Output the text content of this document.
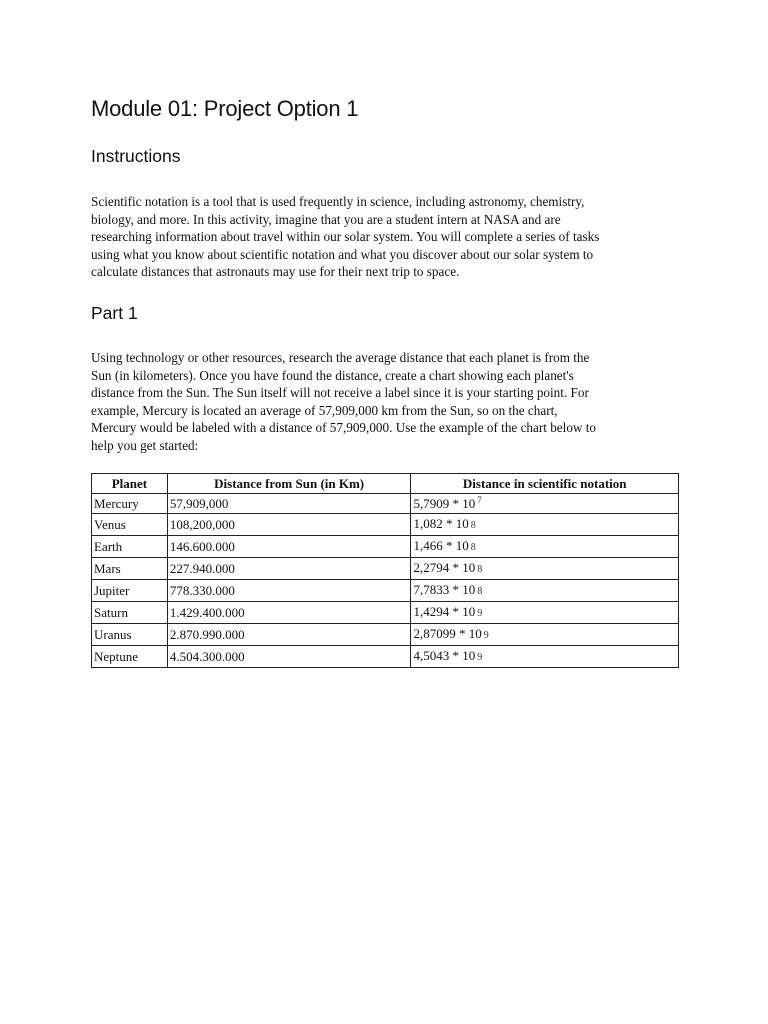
Module 01: Project Option 1
Instructions

Scientific notation is a tool that is used frequently in science, including astronomy, chemistry,
biology, and more. In this activity, imagine that you are a student intern at NASA and are
researching information about travel within our solar system. You will complete a series of tasks
using what you know about scientific notation and what you discover about our solar system to
calculate distances that astronauts may use for their next trip to space.

Part 1

Using technology or other resources, research the average distance that each planet is from the
Sun (in kilometers). Once you have found the distance, create a chart showing each planet's
distance from the Sun. The Sun itself will not receive a label since it is your starting point. For
example, Mercury is located an average of 57,909,000 km from the Sun, so on the chart,
Mercury would be labeled with a distance of 57,909,000. Use the example of the chart below to
help you get started:

Planet	Distance from Sun (in Km)	Distance in scientific notation
Mercury	57,909,000	5,7909 * 10 $^7$
Venus	108,200,000	1,082 * 10 8
Earth	146.600.000	1,466 * 10 8
Mars	227.940.000	2,2794 * 10 8
Jupiter	778.330.000	7,7833 * 10 8
Saturn	1.429.400.000	1,4294 * 10 9
Uranus	2.870.990.000	2,87099 * 10 9
Neptune	4.504.300.000	4,5043 * 10 9
